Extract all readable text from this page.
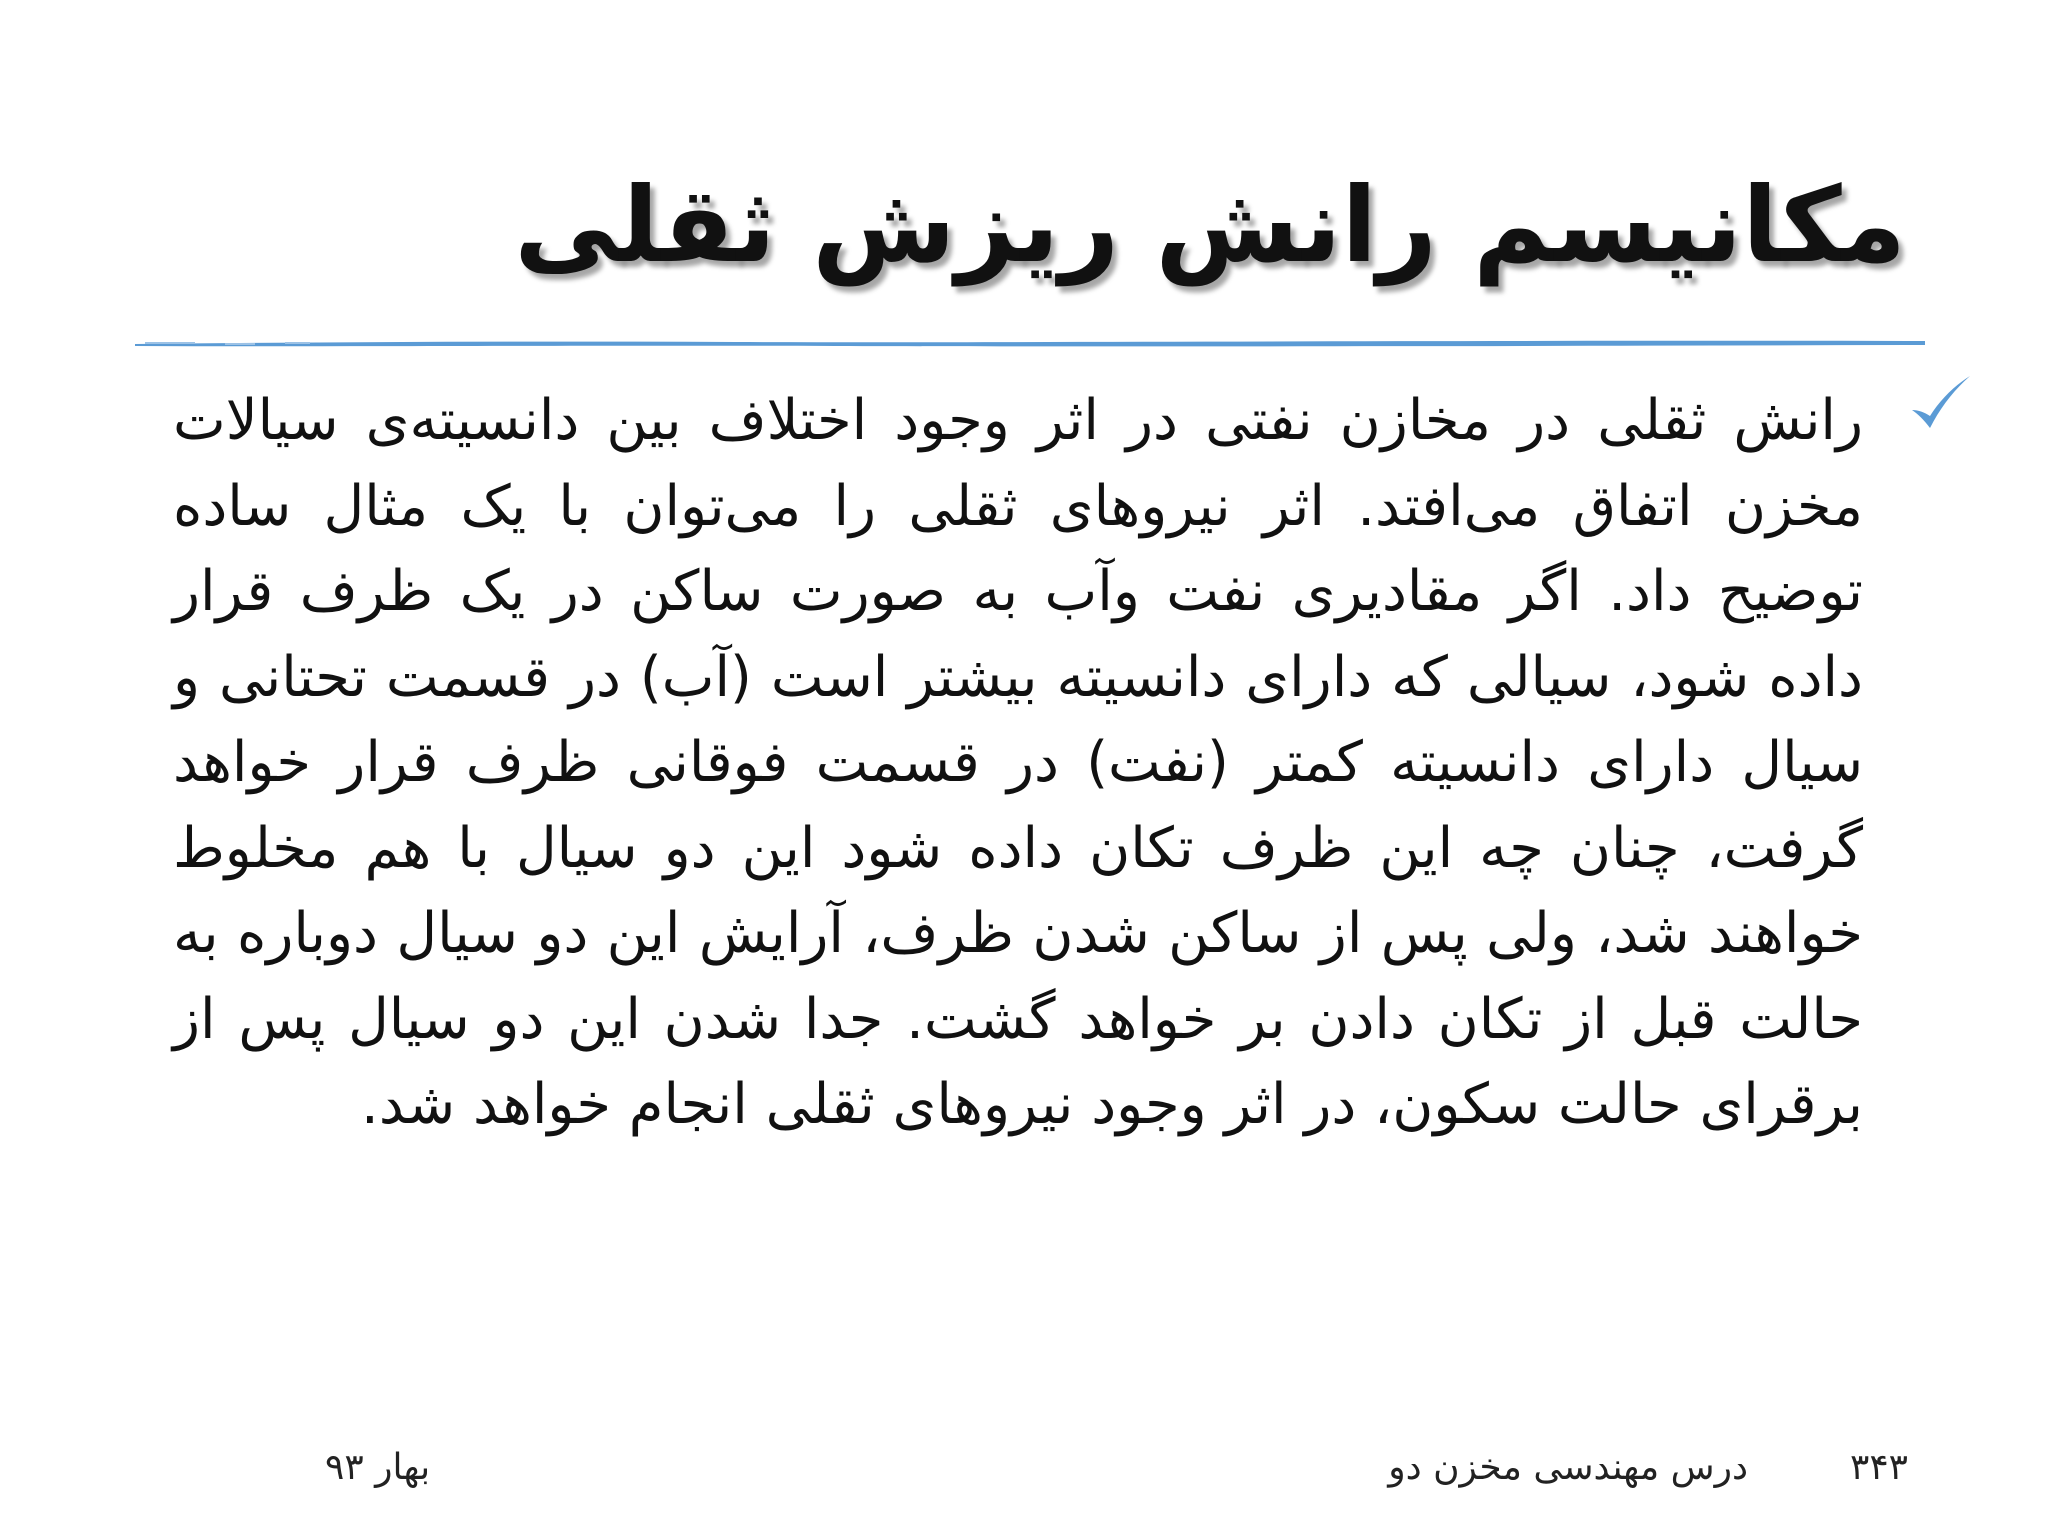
مکانیسم رانش ریزش ثقلی
رانش ثقلی در مخازن نفتی در اثر وجود اختلاف بین دانسیته‌ی سیالات مخزن اتفاق می‌افتد. اثر نیروهای ثقلی را می‌توان با یک مثال ساده توضیح داد. اگر مقادیری نفت وآب به صورت ساکن در یک ظرف قرار داده شود، سیالی که دارای دانسیته بیشتر است (آب) در قسمت تحتانی و سیال دارای دانسیته کمتر (نفت) در قسمت فوقانی ظرف قرار خواهد گرفت، چنان چه این ظرف تکان داده شود این دو سیال با هم مخلوط خواهند شد، ولی پس از ساکن شدن ظرف، آرایش این دو سیال دوباره به حالت قبل از تکان دادن بر خواهد گشت. جدا شدن این دو سیال پس از برقرای حالت سکون، در اثر وجود نیروهای ثقلی انجام خواهد شد.
۳۴۳
درس مهندسی مخزن دو
بهار ۹۳
